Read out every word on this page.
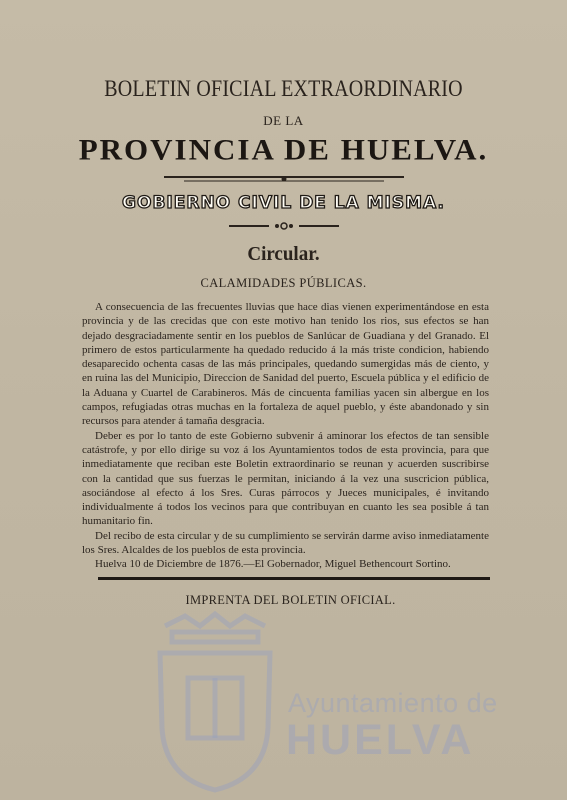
BOLETIN OFICIAL EXTRAORDINARIO
DE LA
PROVINCIA DE HUELVA.
GOBIERNO CIVIL DE LA MISMA.
Circular.
CALAMIDADES PÚBLICAS.

A consecuencia de las frecuentes lluvias que hace dias vienen experimentándose en esta provincia y de las crecidas que con este motivo han tenido los rios, sus efectos se han dejado desgraciadamente sentir en los pueblos de Sanlúcar de Guadiana y del Granado. El primero de estos particularmente ha quedado reducido á la más triste condicion, habiendo desaparecido ochenta casas de las más principales, quedando sumergidas más de ciento, y en ruina las del Municipio, Direccion de Sanidad del puerto, Escuela pública y el edificio de la Aduana y Cuartel de Carabineros. Más de cincuenta familias yacen sin albergue en los campos, refugiadas otras muchas en la fortaleza de aquel pueblo, y éste abandonado y sin recursos para atender á tamaña desgracia.

Deber es por lo tanto de este Gobierno subvenir á aminorar los efectos de tan sensible catástrofe, y por ello dirige su voz á los Ayuntamientos todos de esta provincia, para que inmediatamente que reciban este Boletin extraordinario se reunan y acuerden suscribirse con la cantidad que sus fuerzas le permitan, iniciando á la vez una suscricion pública, asociándose al efecto á los Sres. Curas párrocos y Jueces municipales, é invitando individualmente á todos los vecinos para que contribuyan en cuanto les sea posible á tan humanitario fin.

Del recibo de esta circular y de su cumplimiento se servirán darme aviso inmediatamente los Sres. Alcaldes de los pueblos de esta provincia.

Huelva 10 de Diciembre de 1876.—El Gobernador, Miguel Bethencourt Sortino.

IMPRENTA DEL BOLETIN OFICIAL.
Ayuntamiento de
HUELVA
